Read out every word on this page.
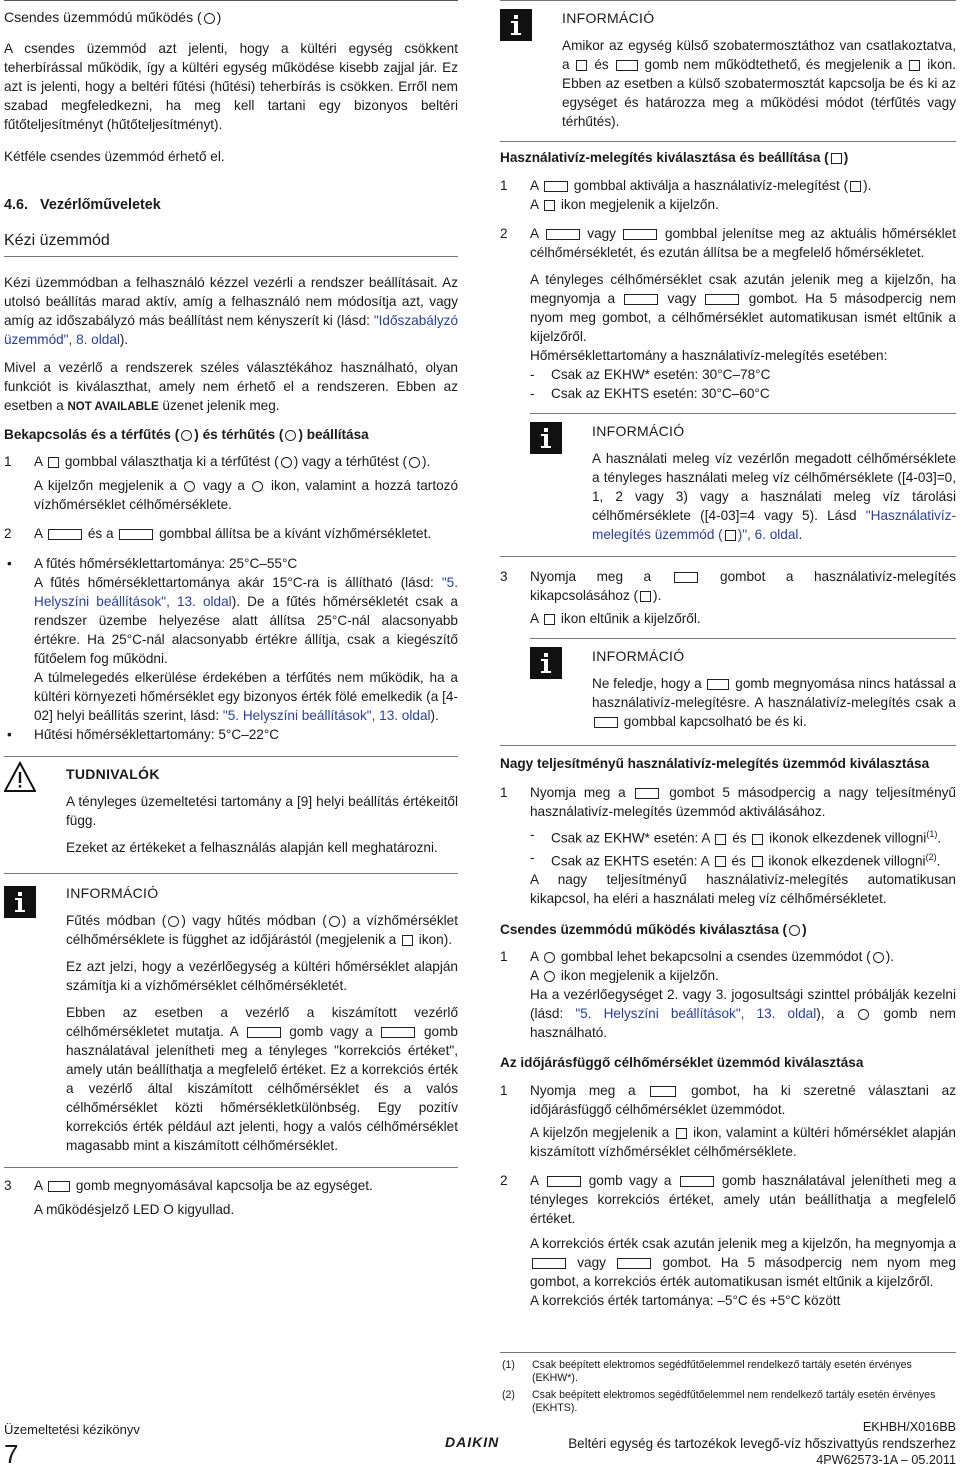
Csendes üzemmódú működés ( )

A csendes üzemmód azt jelenti, hogy a kültéri egység csökkent teherbírással működik, így a kültéri egység működése kisebb zajjal jár. Ez azt is jelenti, hogy a beltéri fűtési (hűtési) teherbírás is csökken. Erről nem szabad megfeledkezni, ha meg kell tartani egy bizonyos beltéri fűtőteljesítményt (hűtőteljesítményt).

Kétféle csendes üzemmód érhető el.

4.6. Vezérlőműveletek
Kézi üzemmód

Kézi üzemmódban a felhasználó kézzel vezérli a rendszer beállításait. Az utolsó beállítás marad aktív, amíg a felhasználó nem módosítja azt, vagy amíg az időszabályzó más beállítást nem kényszerít ki (lásd: "Időszabályzó üzemmód", 8. oldal).

Mivel a vezérlő a rendszerek széles választékához használható, olyan funkciót is kiválaszthat, amely nem érhető el a rendszeren. Ebben az esetben a NOT AVAILABLE üzenet jelenik meg.

Bekapcsolás és a térfűtés ( ) és térhűtés ( ) beállítása
1 A  gombbal választhatja ki a térfűtést ( ) vagy a térhűtést ( ).

A kijelzőn megjelenik a  vagy a  ikon, valamint a hozzá tartozó vízhőmérséklet célhőmérséklete.

2 A	és a	gombbal állítsa be a kívánt vízhőmérsékletet.

• A fűtés hőmérséklettartománya: 25°C–55°C

A fűtés hőmérséklettartománya akár 15°C-ra is állítható (lásd: "5. Helyszíni beállítások", 13. oldal). De a fűtés hőmérsékletét csak a rendszer üzembe helyezése alatt állítsa 25°C-nál alacsonyabb értékre. Ha 25°C-nál alacsonyabb értékre állítja, csak a kiegészítő fűtőelem fog működni.

A túlmelegedés elkerülése érdekében a térfűtés nem működik, ha a kültéri környezeti hőmérséklet egy bizonyos érték fölé emelkedik (a [4-02] helyi beállítás szerint, lásd: "5. Helyszíni beállítások", 13. oldal).

• Hűtési hőmérséklettartomány: 5°C–22°C

TUDNIVALÓK

A tényleges üzemeltetési tartomány a [9] helyi beállítás értékeitől függ.

Ezeket az értékeket a felhasználás alapján kell meghatározni.

INFORMÁCIÓ

Fűtés módban ( ) vagy hűtés módban ( ) a vízhőmérséklet célhőmérséklete is függhet az időjárástól (megjelenik a  ikon).

Ez azt jelzi, hogy a vezérlőegység a kültéri hőmérséklet alapján számítja ki a vízhőmérséklet célhőmérsékletét.

Ebben az esetben a vezérlő a kiszámított vezérlő célhőmérsékletet mutatja. A	gomb vagy a	gomb használatával jelenítheti meg a tényleges "korrekciós értéket", amely után beállíthatja a megfelelő értéket. Ez a korrekciós érték a vezérlő által kiszámított célhőmérséklet és a valós célhőmérséklet közti hőmérsékletkülönbség. Egy pozitív korrekciós érték például azt jelenti, hogy a valós célhőmérséklet magasabb mint a kiszámított célhőmérséklet.

3 A  gomb megnyomásával kapcsolja be az egységet.

A működésjelző LED O kigyullad.

INFORMÁCIÓ

Amikor az egység külső szobatermosztáthoz van csatlakoztatva, a  és  gomb nem működtethető, és megjelenik a  ikon. Ebben az esetben a külső szobatermosztát kapcsolja be és ki az egységet és határozza meg a működési módot (térfűtés vagy térhűtés).

Használativíz-melegítés kiválasztása és beállítása ( )
1 A  gombbal aktiválja a használativíz-melegítést ( ).

A  ikon megjelenik a kijelzőn.

2 A	vagy	gombbal jelenítse meg az aktuális hőmérséklet célhőmérsékletét, és ezután állítsa be a megfelelő hőmérsékletet.

A tényleges célhőmérséklet csak azután jelenik meg a kijelzőn, ha megnyomja a	vagy	gombot. Ha 5 másodpercig nem nyom meg gombot, a célhőmérséklet automatikusan ismét eltűnik a kijelzőről.

Hőmérséklettartomány a használativíz-melegítés esetében:

- Csak az EKHW* esetén: 30°C–78°C
- Csak az EKHTS esetén: 30°C–60°C
INFORMÁCIÓ

A használati meleg víz vezérlőn megadott célhőmérséklete a tényleges használati meleg víz célhőmérséklete ([4-03]=0, 1, 2 vagy 3) vagy a használati meleg víz tárolási célhőmérséklete ([4-03]=4 vagy 5). Lásd "Használativíz-melegítés üzemmód ( )", 6. oldal.

3 Nyomja meg a  gombot a használativíz-melegítés kikapcsolásához ( ).

A  ikon eltűnik a kijelzőről.

INFORMÁCIÓ

Ne feledje, hogy a  gomb megnyomása nincs hatással a használativíz-melegítésre. A használativíz-melegítés csak a  gombbal kapcsolható be és ki.

Nagy teljesítményű használativíz-melegítés üzemmód kiválasztása
1 Nyomja meg a  gombot 5 másodpercig a nagy teljesítményű használativíz-melegítés üzemmód aktiválásához.

- Csak az EKHW* esetén: A  és  ikonok elkezdenek villogni$^{(1)}$.
- Csak az EKHTS esetén: A  és  ikonok elkezdenek villogni$^{(2)}$.

A nagy teljesítményű használativíz-melegítés automatikusan kikapcsol, ha eléri a használati meleg víz célhőmérsékletet.

Csendes üzemmódú működés kiválasztása ( )
1 A  gombbal lehet bekapcsolni a csendes üzemmódot ( ).

A  ikon megjelenik a kijelzőn.

Ha a vezérlőegységet 2. vagy 3. jogosultsági szinttel próbálják kezelni (lásd: "5. Helyszíni beállítások", 13. oldal), a  gomb nem használható.

Az időjárásfüggő célhőmérséklet üzemmód kiválasztása
1 Nyomja meg a  gombot, ha ki szeretné választani az időjárásfüggő célhőmérséklet üzemmódot.

A kijelzőn megjelenik a  ikon, valamint a kültéri hőmérséklet alapján kiszámított vízhőmérséklet célhőmérséklete.

2 A	gomb vagy a	gomb használatával jelenítheti meg a tényleges korrekciós értéket, amely után beállíthatja a megfelelő értéket.

A korrekciós érték csak azután jelenik meg a kijelzőn, ha megnyomja a  vagy	gombot. Ha 5 másodpercig nem nyom meg gombot, a korrekciós érték automatikusan ismét eltűnik a kijelzőről.

A korrekciós érték tartománya: –5°C és +5°C között

(1) Csak beépített elektromos segédfűtőelemmel rendelkező tartály esetén érvényes (EKHW*).
(2) Csak beépített elektromos segédfűtőelemmel nem rendelkező tartály esetén érvényes (EKHTS).
Üzemeltetési kézikönyv
7	DAIKIN
EKHBH/X016BB
Beltéri egység és tartozékok levegő-víz hőszivattyús rendszerhez
4PW62573-1A – 05.2011
